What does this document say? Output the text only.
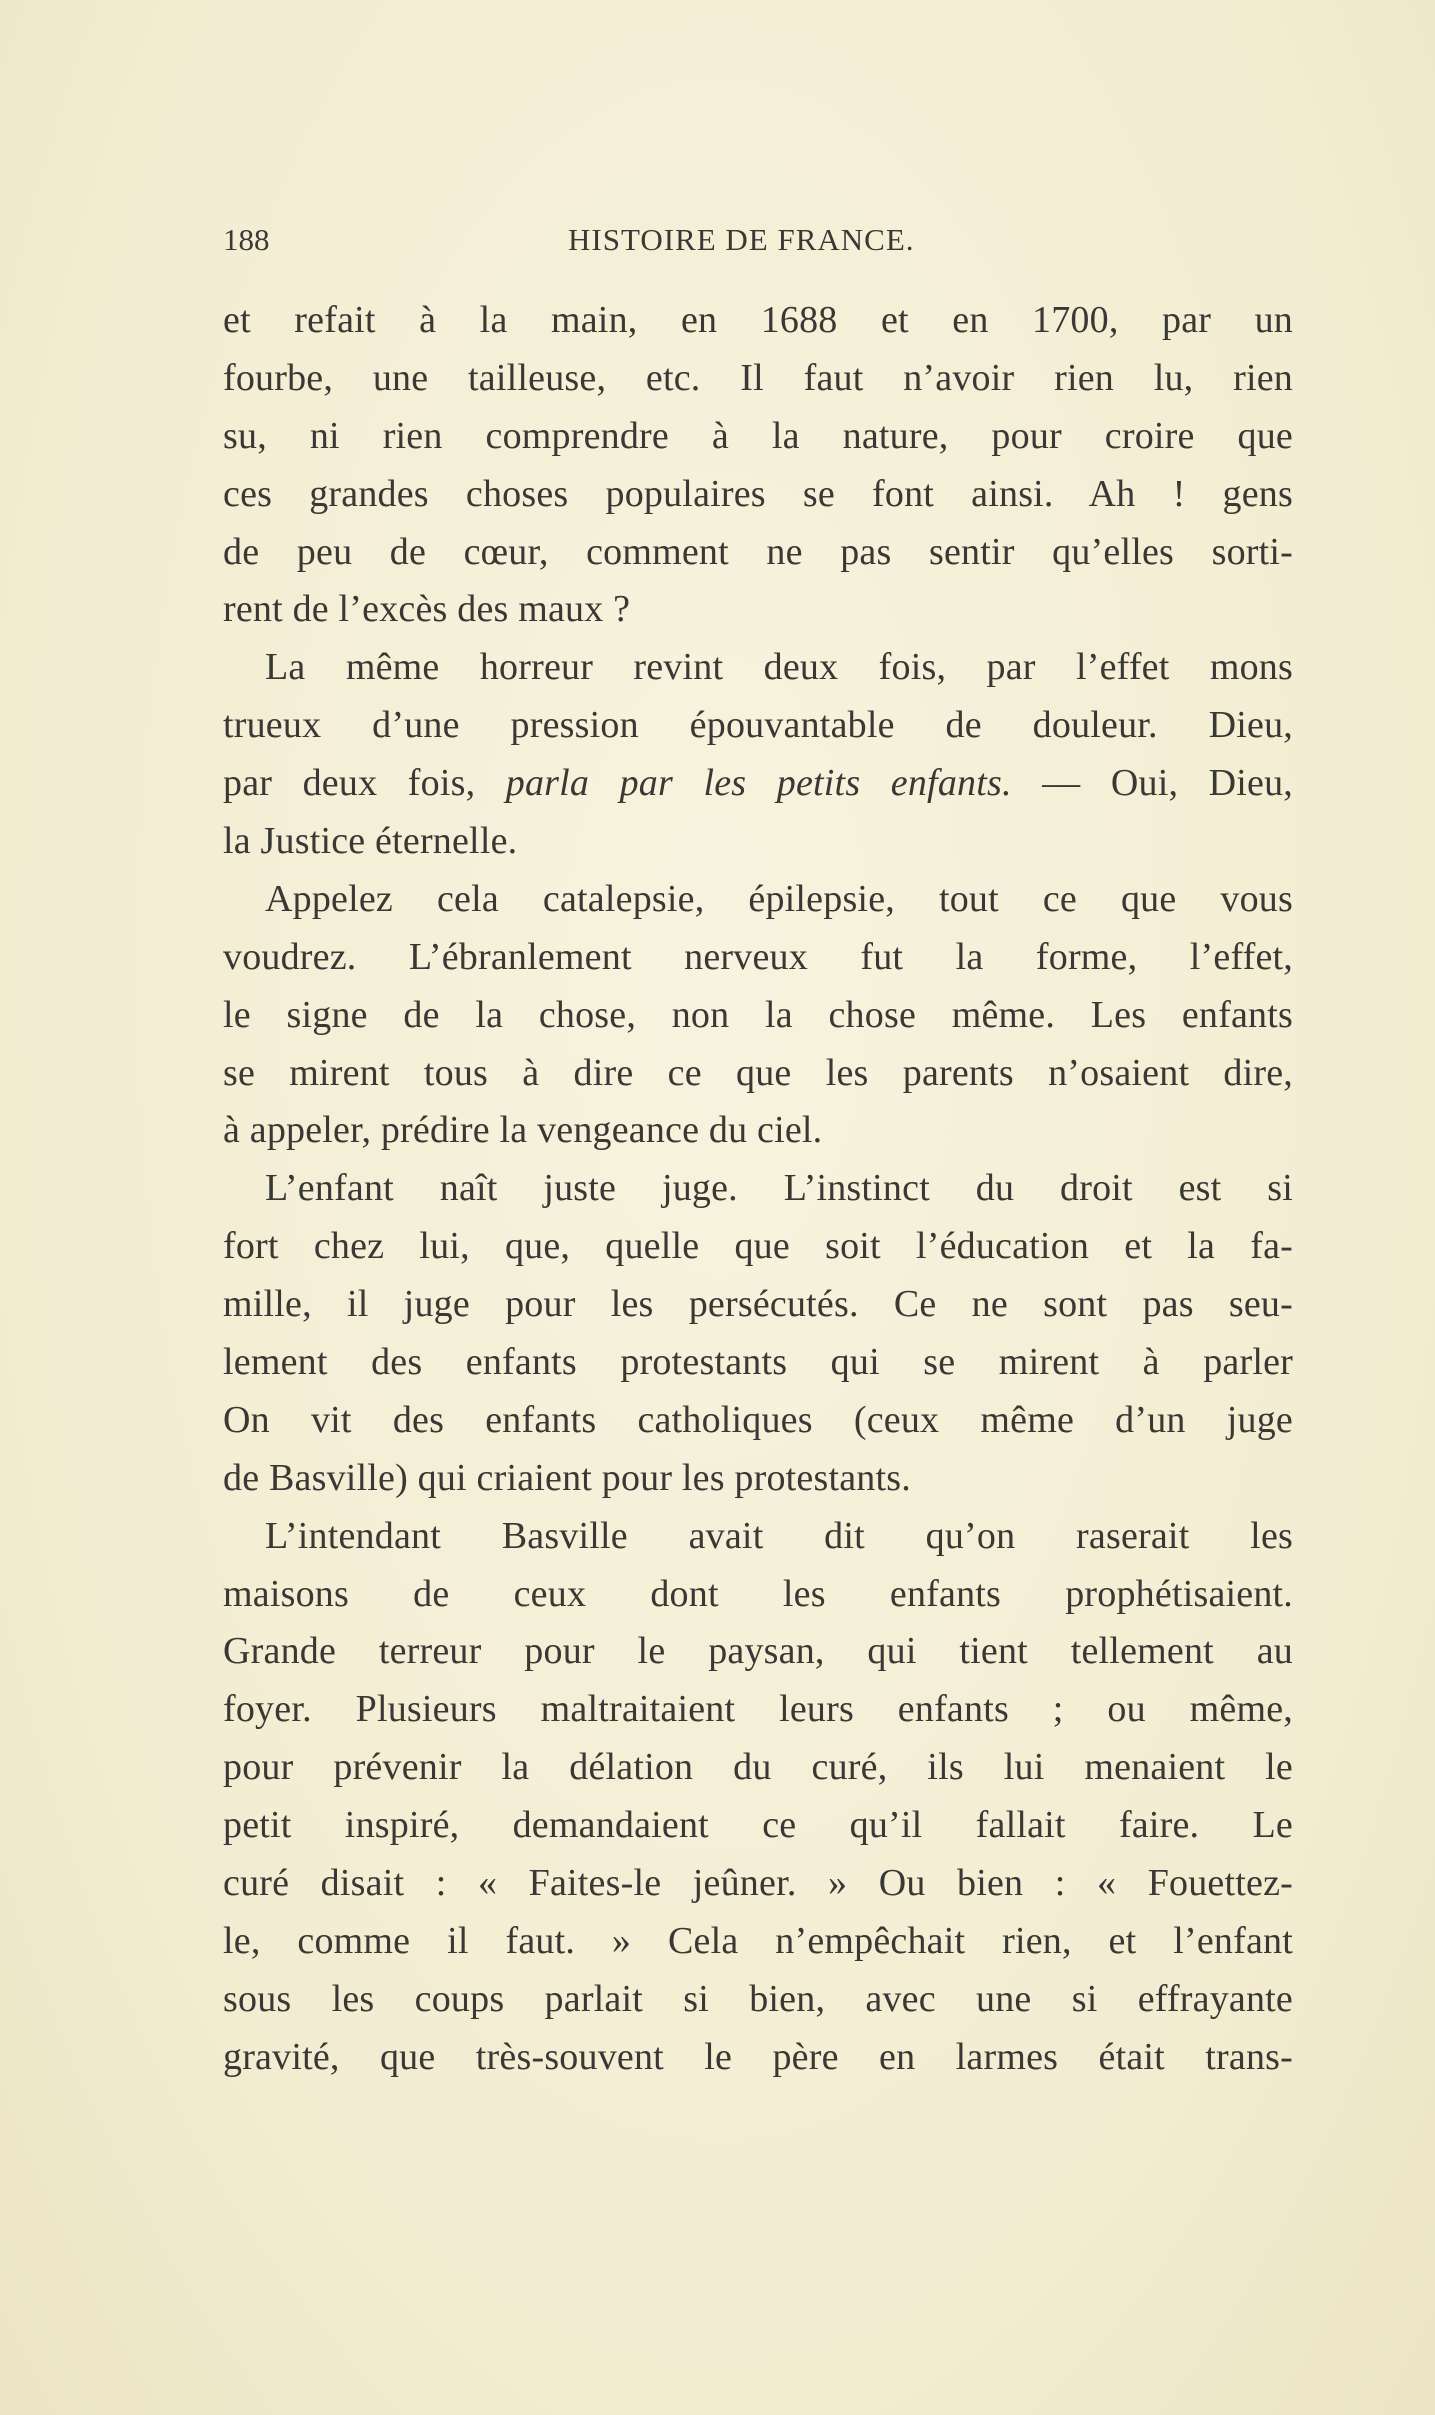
188	HISTOIRE DE FRANCE.
et refait à la main, en 1688 et en 1700, par un
fourbe, une tailleuse, etc. Il faut n’avoir rien lu, rien
su, ni rien comprendre à la nature, pour croire que
ces grandes choses populaires se font ainsi. Ah ! gens
de peu de cœur, comment ne pas sentir qu’elles sorti-
rent de l’excès des maux ?
La même horreur revint deux fois, par l’effet mons
trueux d’une pression épouvantable de douleur. Dieu,
par deux fois, parla par les petits enfants. — Oui, Dieu,
la Justice éternelle.
Appelez cela catalepsie, épilepsie, tout ce que vous
voudrez. L’ébranlement nerveux fut la forme, l’effet,
le signe de la chose, non la chose même. Les enfants
se mirent tous à dire ce que les parents n’osaient dire,
à appeler, prédire la vengeance du ciel.
L’enfant naît juste juge. L’instinct du droit est si
fort chez lui, que, quelle que soit l’éducation et la fa-
mille, il juge pour les persécutés. Ce ne sont pas seu-
lement des enfants protestants qui se mirent à parler
On vit des enfants catholiques (ceux même d’un juge
de Basville) qui criaient pour les protestants.
L’intendant Basville avait dit qu’on raserait les
maisons de ceux dont les enfants prophétisaient.
Grande terreur pour le paysan, qui tient tellement au
foyer. Plusieurs maltraitaient leurs enfants ; ou même,
pour prévenir la délation du curé, ils lui menaient le
petit inspiré, demandaient ce qu’il fallait faire. Le
curé disait : « Faites-le jeûner. » Ou bien : « Fouettez-
le, comme il faut. » Cela n’empêchait rien, et l’enfant
sous les coups parlait si bien, avec une si effrayante
gravité, que très-souvent le père en larmes était trans-
